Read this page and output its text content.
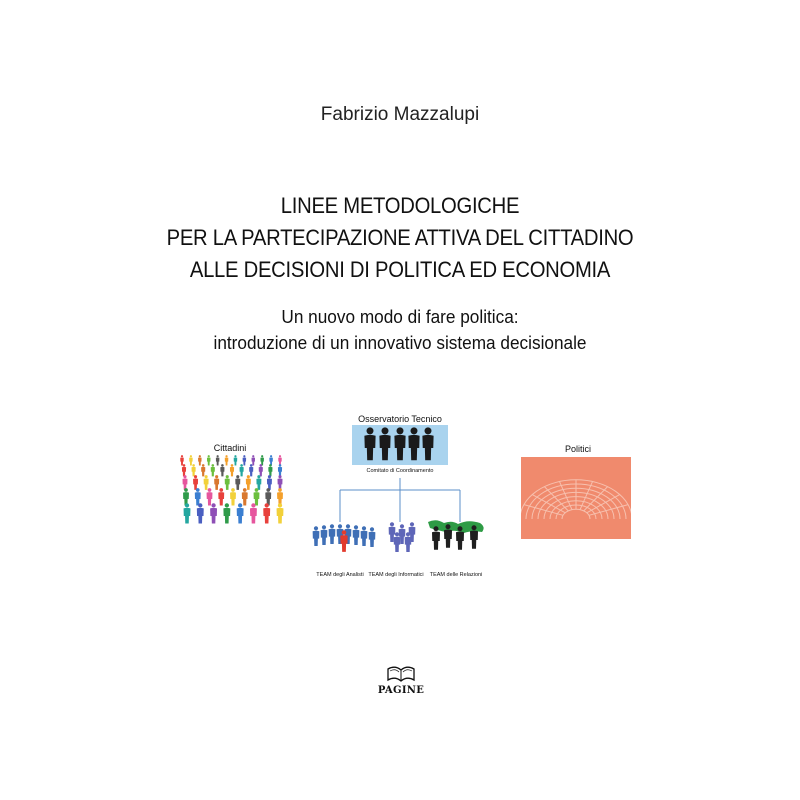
Fabrizio Mazzalupi
LINEE METODOLOGICHE
PER LA PARTECIPAZIONE ATTIVA DEL CITTADINO
ALLE DECISIONI DI POLITICA ED ECONOMIA
Un nuovo modo di fare politica:
introduzione di un innovativo sistema decisionale
Cittadini
Osservatorio Tecnico
Comitato di Coordinamento
TEAM degli Analisti TEAM degli Informatici	TEAM delle Relazioni
Politici
PAGINE
